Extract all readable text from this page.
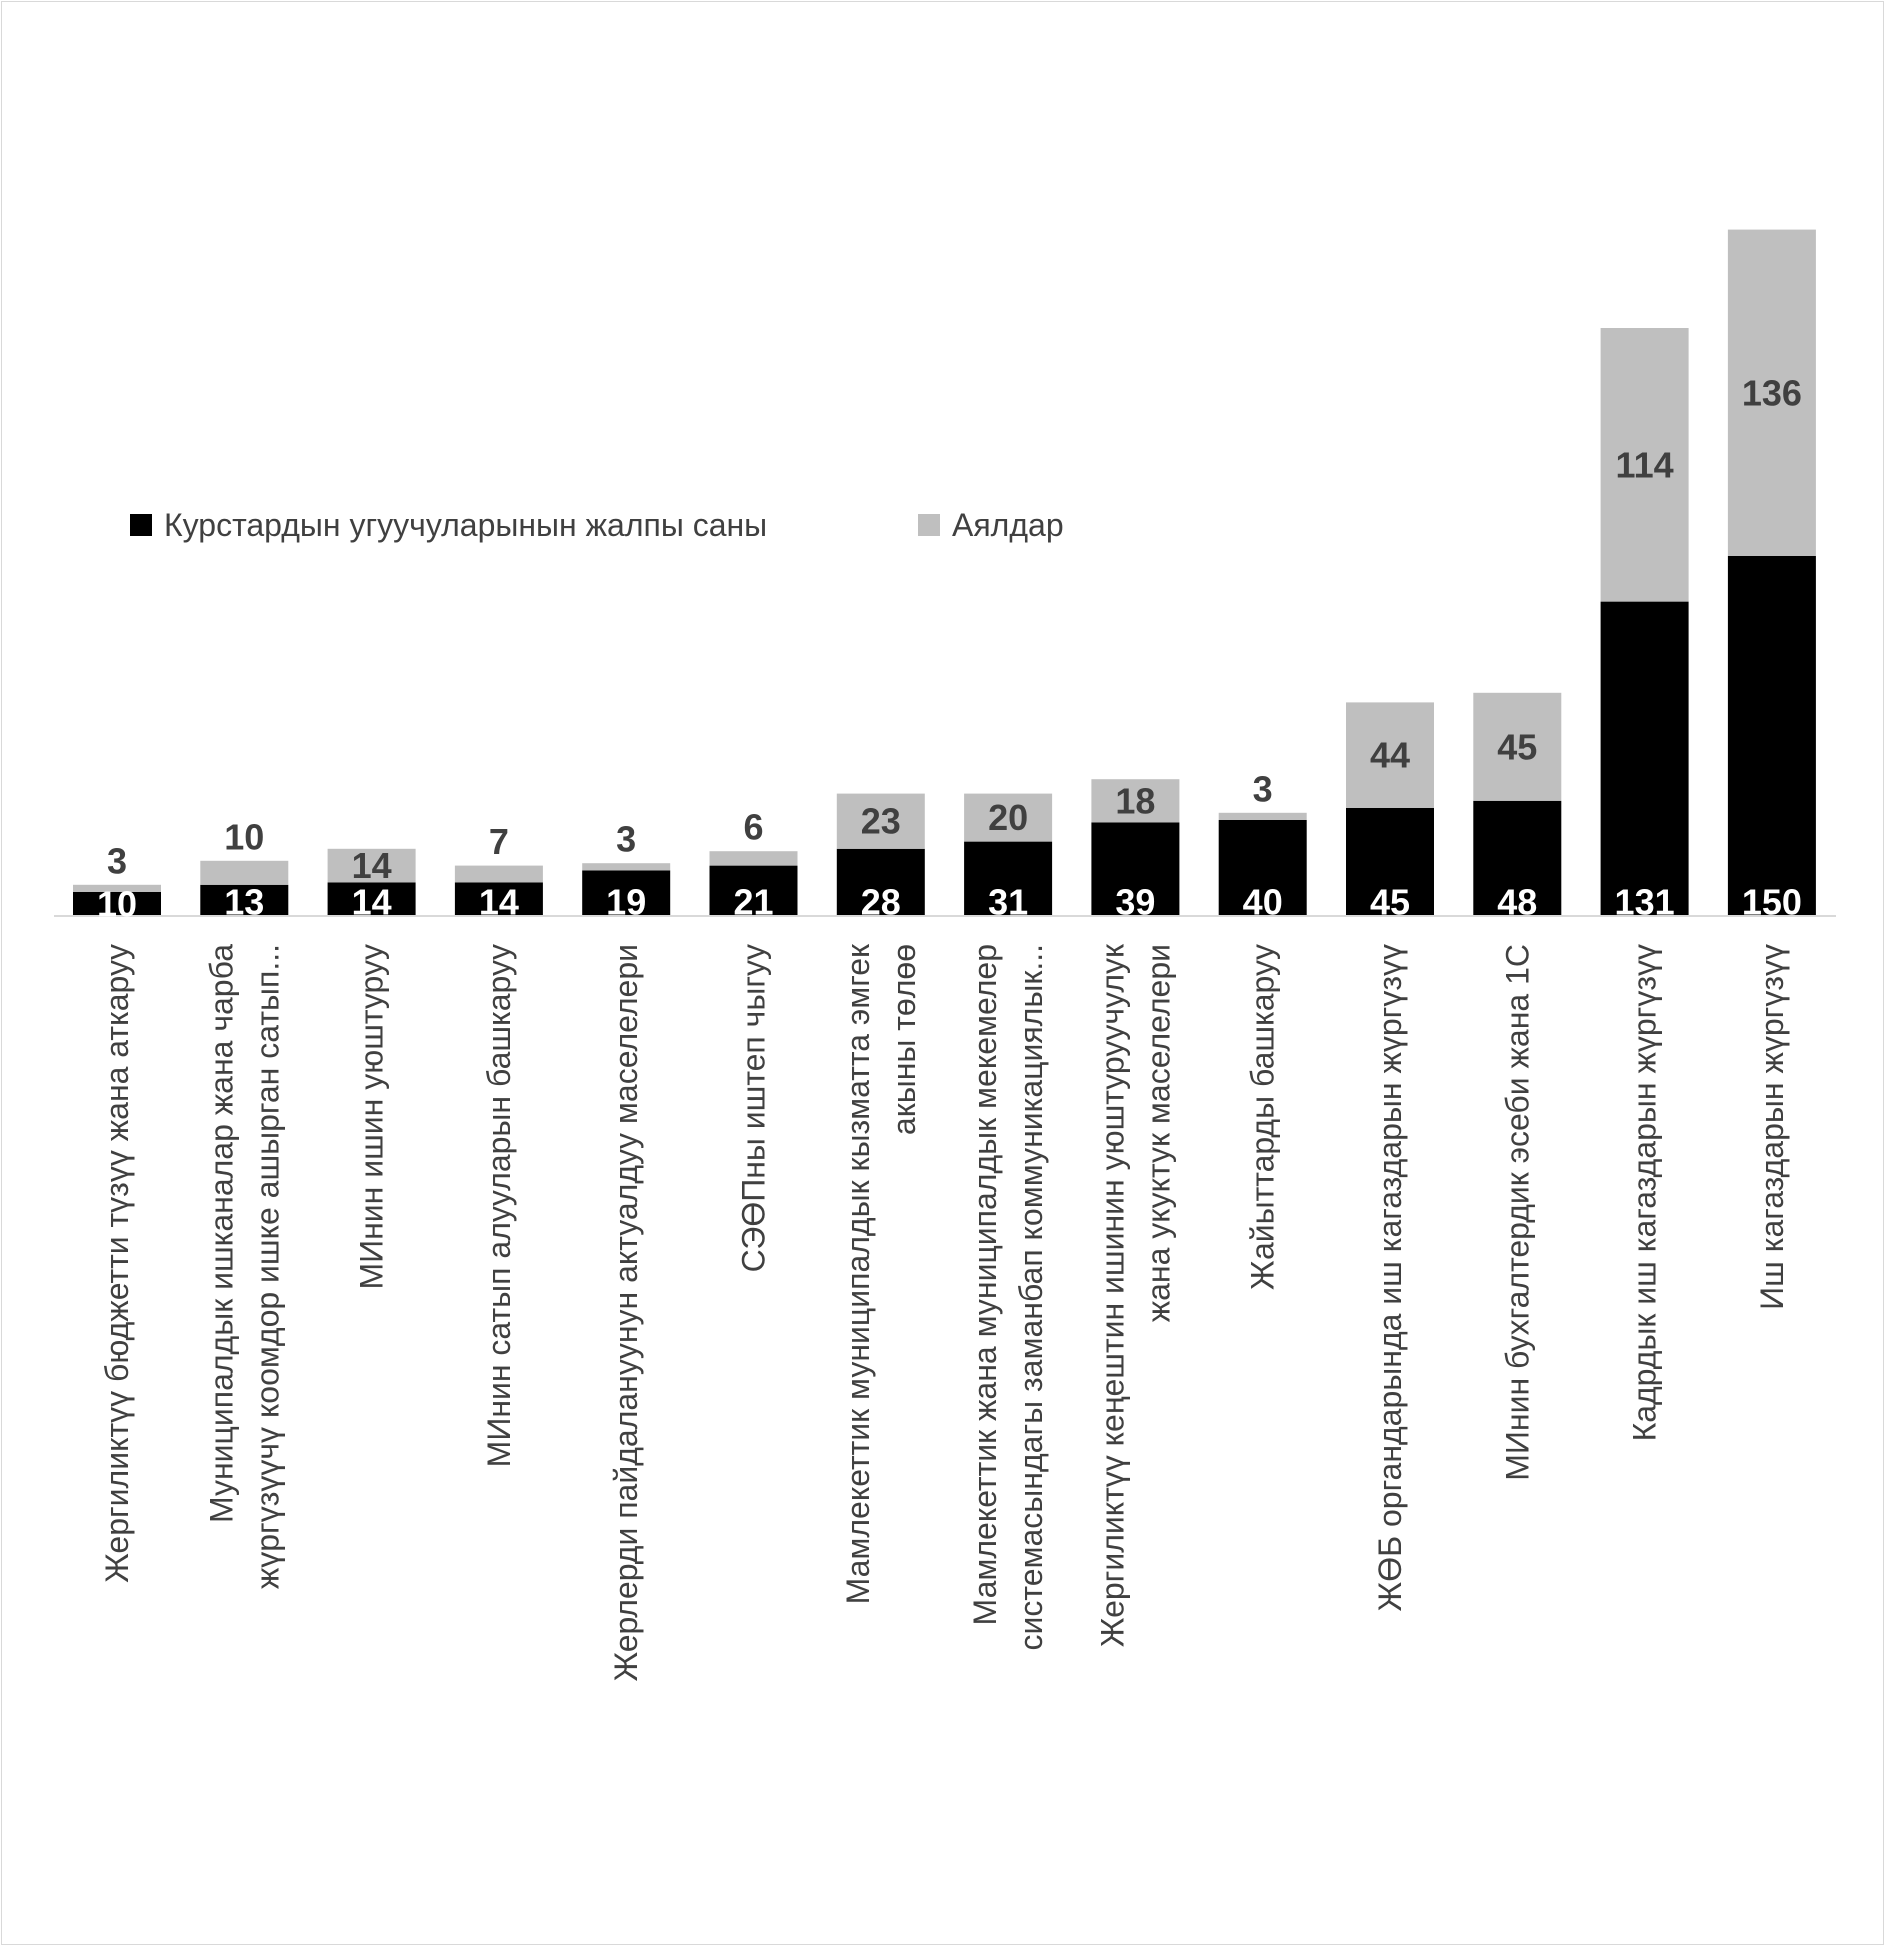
10
3
13
10
14
14
14
7
19
3
21
6
28
23
31
20
39
18
40
3
45
44
48
45
131
114
150
136
Жергиликтүү бюджетти түзүү жана аткаруу Муниципалдык ишканалар жана чарба жүргүзүүчү коомдор ишке ашырган сатып... МИнин ишин уюштуруу	МИнин сатып алууларын башкаруу	Жерлерди пайдалануунун актуалдуу маселелери	СЭӨПны иштеп чыгуу Мамлекеттик муниципалдык кызматта эмгек акыны төлөө Мамлекеттик жана муниципалдык мекемелер системасындагы заманбап коммуникациялык... Жергиликтүү кеңештин ишинин уюштуруучулук жана укуктук маселелери Жайыттарды башкаруу	ЖӨБ органдарында иш кагаздарын жүргүзүү	МИнин бухгалтердик эсеби жана 1С	Кадрдык иш кагаздарын жүргүзүү	Иш кагаздарын жүргүзүү
Курстардын угуучуларынын жалпы саны	Аялдар
